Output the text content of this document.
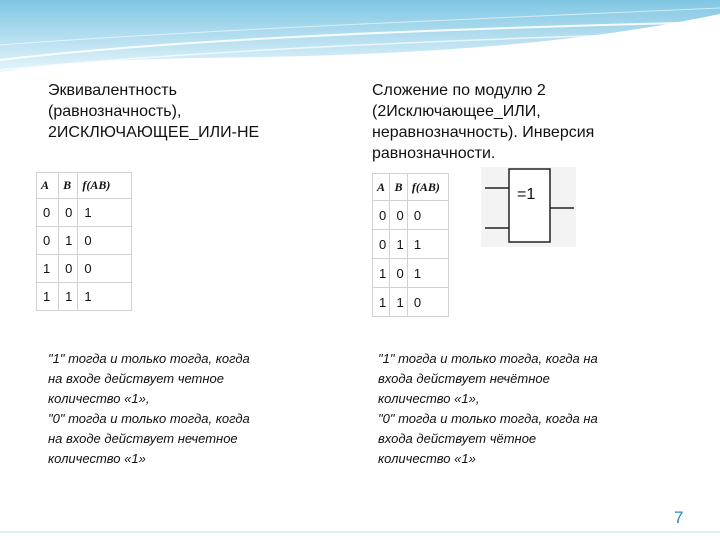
Эквивалентность
(равнозначность),
2ИСКЛЮЧАЮЩЕЕ_ИЛИ-НЕ
A	B	f(AB)
0	0	1
0	1	0
1	0	0
1	1	1
"1" тогда и только тогда, когда
на входе действует четное
количество «1»,
"0" тогда и только тогда, когда
на входе действует нечетное
количество «1»
Сложение по модулю 2
(2Исключающее_ИЛИ,
неравнозначность). Инверсия
равнозначности.
A	B	f(AB)
0	0	0
0	1	1
1	0	1
1	1	0
=1
"1" тогда и только тогда, когда на
входа действует нечётное
количество «1»,
"0" тогда и только тогда, когда на
входа действует чётное
количество «1»
7
